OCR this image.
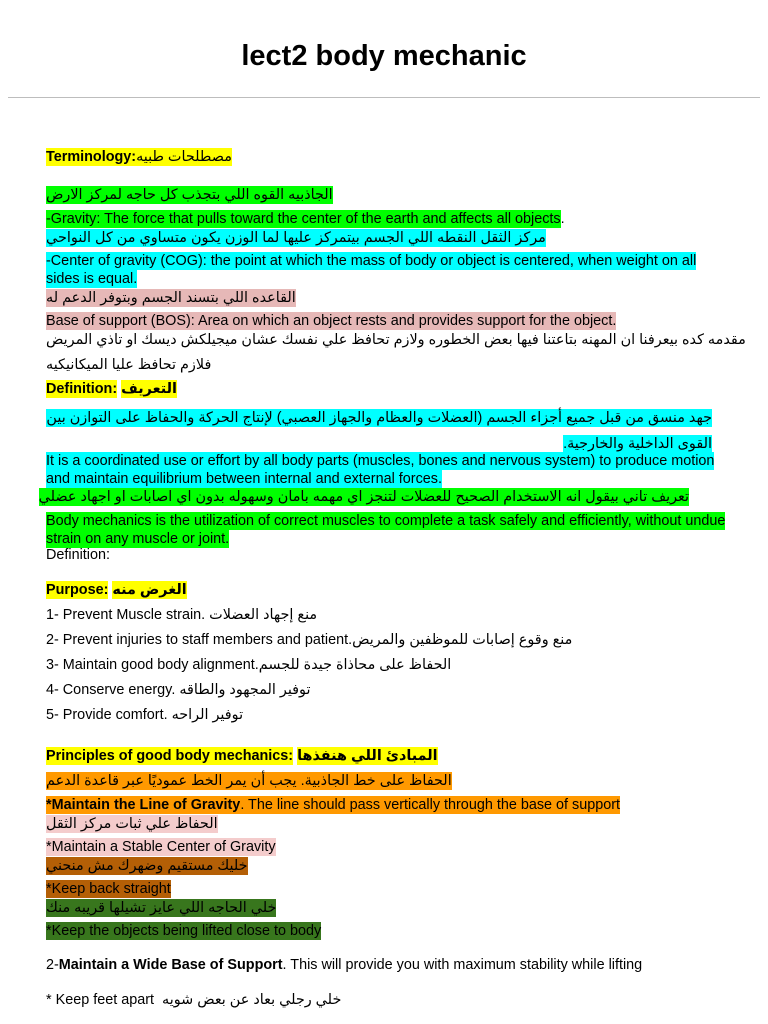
lect2 body mechanic
Terminology:مصطلحات طبيه
الجاذبيه القوه اللي بتجذب كل حاجه لمركز الارض
-Gravity: The force that pulls toward the center of the earth and affects all objects.
مركز الثقل النقطه اللي الجسم بيتمركز عليها لما الوزن يكون متساوي من كل النواحي
-Center of gravity (COG): the point at which the mass of body or object is centered, when weight on all sides is equal.
القاعده اللي بتسند الجسم وبتوفر الدعم له
Base of support (BOS): Area on which an object rests and provides support for the object.
مقدمه كده بيعرفنا ان المهنه بتاعتنا فيها بعض الخطوره ولازم تحافظ علي نفسك عشان ميجيلكش ديسك او تاذي المريض
فلازم تحافظ عليا الميكانيكيه
Definition: التعريف
جهد منسق من قبل جميع أجزاء الجسم (العضلات والعظام والجهاز العصبي) لإنتاج الحركة والحفاظ على التوازن بين القوى الداخلية والخارجية.
It is a coordinated use or effort by all body parts (muscles, bones and nervous system) to produce motion and maintain equilibrium between internal and external forces.
تعريف تاني بيقول انه الاستخدام الصحيح للعضلات لتنجز اي مهمه بامان وسهوله بدون اي اصابات او اجهاد عضلي
Body mechanics is the utilization of correct muscles to complete a task safely and efficiently, without undue strain on any muscle or joint.
Definition:
Purpose: الغرض منه
1- Prevent Muscle strain. منع إجهاد العضلات
2- Prevent injuries to staff members and patient.منع وقوع إصابات للموظفين والمريض
3- Maintain good body alignment.الحفاظ على محاذاة جيدة للجسم
4- Conserve energy. توفير المجهود والطاقه
5- Provide comfort. توفير الراحه
Principles of good body mechanics: المبادئ اللي هنفذها
الحفاظ على خط الجاذبية. يجب أن يمر الخط عموديًا عبر قاعدة الدعم
*Maintain the Line of Gravity. The line should pass vertically through the base of support
الحفاظ علي ثبات مركز الثقل
*Maintain a Stable Center of Gravity
خليك مستقيم وضهرك مش منحني
*Keep back straight
خلي الحاجه اللي عايز تشيلها قريبه منك
*Keep the objects being lifted close to body
2-Maintain a Wide Base of Support. This will provide you with maximum stability while lifting
* Keep feet apart خلي رجلي بعاد عن بعض شويه
